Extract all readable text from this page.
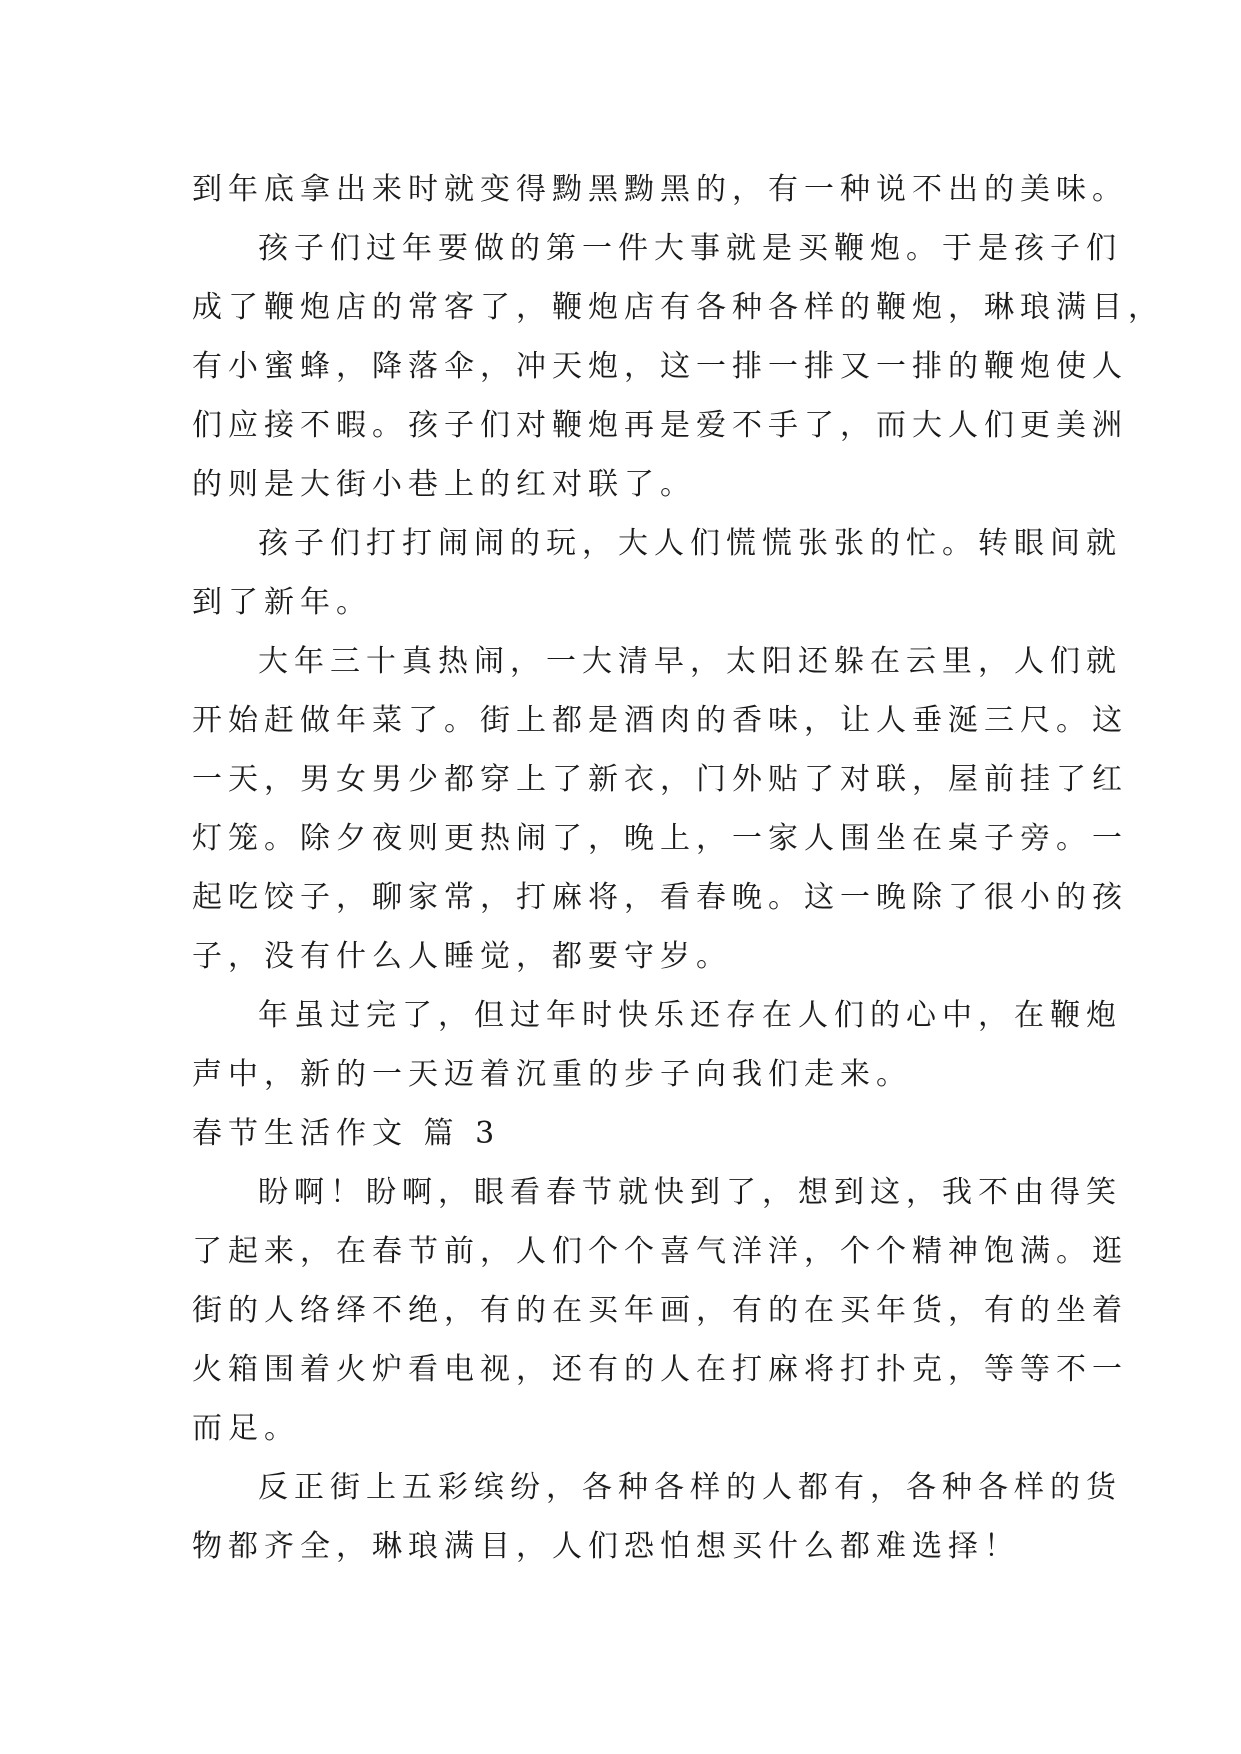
到年底拿出来时就变得黝黑黝黑的，有一种说不出的美味。
孩子们过年要做的第一件大事就是买鞭炮。于是孩子们
成了鞭炮店的常客了，鞭炮店有各种各样的鞭炮，琳琅满目，
有小蜜蜂，降落伞，冲天炮，这一排一排又一排的鞭炮使人
们应接不暇。孩子们对鞭炮再是爱不手了，而大人们更美洲
的则是大街小巷上的红对联了。
孩子们打打闹闹的玩，大人们慌慌张张的忙。转眼间就
到了新年。
大年三十真热闹，一大清早，太阳还躲在云里，人们就
开始赶做年菜了。街上都是酒肉的香味，让人垂涎三尺。这
一天，男女男少都穿上了新衣，门外贴了对联，屋前挂了红
灯笼。除夕夜则更热闹了，晚上，一家人围坐在桌子旁。一
起吃饺子，聊家常，打麻将，看春晚。这一晚除了很小的孩
子，没有什么人睡觉，都要守岁。
年虽过完了，但过年时快乐还存在人们的心中，在鞭炮
声中，新的一天迈着沉重的步子向我们走来。
春节生活作文 篇 3
盼啊！盼啊，眼看春节就快到了，想到这，我不由得笑
了起来，在春节前，人们个个喜气洋洋，个个精神饱满。逛
街的人络绎不绝，有的在买年画，有的在买年货，有的坐着
火箱围着火炉看电视，还有的人在打麻将打扑克，等等不一
而足。
反正街上五彩缤纷，各种各样的人都有，各种各样的货
物都齐全，琳琅满目，人们恐怕想买什么都难选择！
